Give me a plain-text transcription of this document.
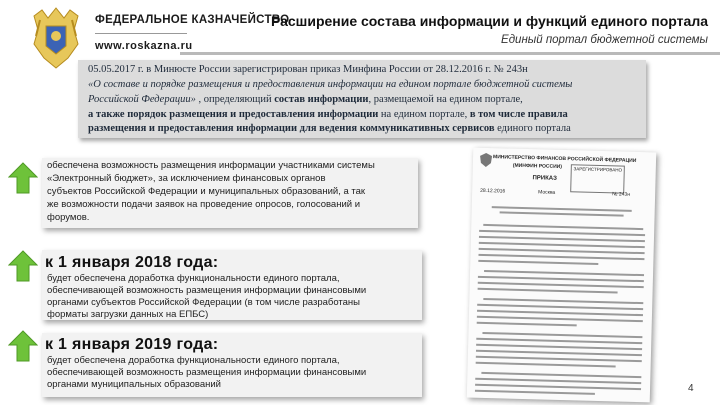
ФЕДЕРАЛЬНОЕ КАЗНАЧЕЙСТВО
www.roskazna.ru
Расширение состава информации и функций единого портала
Единый портал бюджетной системы

05.05.2017 г. в Минюсте России зарегистрирован приказ Минфина России от 28.12.2016 г. № 243н

«О составе и порядке размещения и предоставления информации на едином портале бюджетной системы

Российской Федерации» , определяющий состав информации, размещаемой на едином портале,

а также порядок размещения и предоставления информации на едином портале, в том числе правила

размещения и предоставления информации для ведения коммуникативных сервисов единого портала

обеспечена возможность размещения информации участниками системы
«Электронный бюджет», за исключением финансовых органов
субъектов Российской Федерации и муниципальных образований, а так
же возможности подачи заявок на проведение опросов, голосований и
форумов.
к 1 января 2018 года:
будет обеспечена доработка функциональности единого портала,
обеспечивающей возможность размещения информации финансовыми
органами субъектов Российской Федерации (в том числе разработаны
форматы загрузки данных на ЕПБС)
к 1 января 2019 года:
будет обеспечена доработка функциональности единого портала,
обеспечивающей возможность размещения информации финансовыми
органами муниципальных образований
МИНИСТЕРСТВО ФИНАНСОВ РОССИЙСКОЙ ФЕДЕРАЦИИ
(МИНФИН РОССИИ)	ЗАРЕГИСТРИРОВАНО
ПРИКАЗ
28.12.2016	Москва	№ 243н
4
